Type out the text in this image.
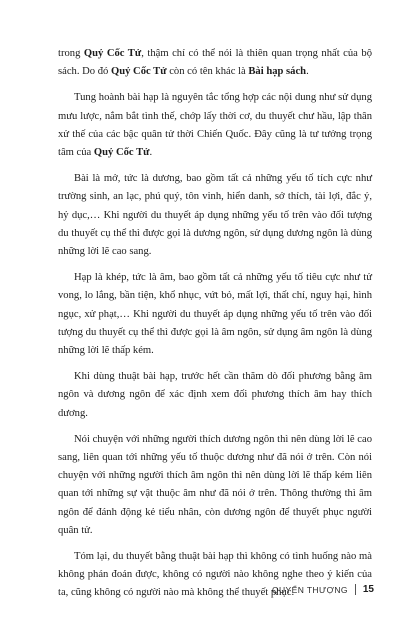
trong Quỷ Cốc Tử, thậm chí có thể nói là thiên quan trọng nhất của bộ sách. Do đó Quỷ Cốc Tử còn có tên khác là Bài hạp sách.

Tung hoành bài hạp là nguyên tắc tổng hợp các nội dung như sử dụng mưu lược, nắm bắt tình thế, chớp lấy thời cơ, du thuyết chư hầu, lập thân xử thế của các bậc quân tử thời Chiến Quốc. Đây cũng là tư tưởng trọng tâm của Quỷ Cốc Tử.

Bài là mở, tức là dương, bao gồm tất cả những yếu tố tích cực như trường sinh, an lạc, phú quý, tôn vinh, hiển danh, sở thích, tài lợi, đắc ý, hỷ dục,… Khi người du thuyết áp dụng những yếu tố trên vào đối tượng du thuyết cụ thể thì được gọi là dương ngôn, sử dụng dương ngôn là dùng những lời lẽ cao sang.

Hạp là khép, tức là âm, bao gồm tất cả những yếu tố tiêu cực như tử vong, lo lắng, bần tiện, khổ nhục, vứt bỏ, mất lợi, thất chí, nguy hại, hình ngục, xử phạt,… Khi người du thuyết áp dụng những yếu tố trên vào đối tượng du thuyết cụ thể thì được gọi là âm ngôn, sử dụng âm ngôn là dùng những lời lẽ thấp kém.

Khi dùng thuật bài hạp, trước hết cần thăm dò đối phương bằng âm ngôn và dương ngôn để xác định xem đối phương thích âm hay thích dương.

Nói chuyện với những người thích dương ngôn thì nên dùng lời lẽ cao sang, liên quan tới những yếu tố thuộc dương như đã nói ở trên. Còn nói chuyện với những người thích âm ngôn thì nên dùng lời lẽ thấp kém liên quan tới những sự vật thuộc âm như đã nói ở trên. Thông thường thì âm ngôn để đánh động kẻ tiểu nhân, còn dương ngôn để thuyết phục người quân tử.

Tóm lại, du thuyết bằng thuật bài hạp thì không có tình huống nào mà không phán đoán được, không có người nào không nghe theo ý kiến của ta, cũng không có người nào mà không thể thuyết phục.

QUYỂN THƯỢNG 15
